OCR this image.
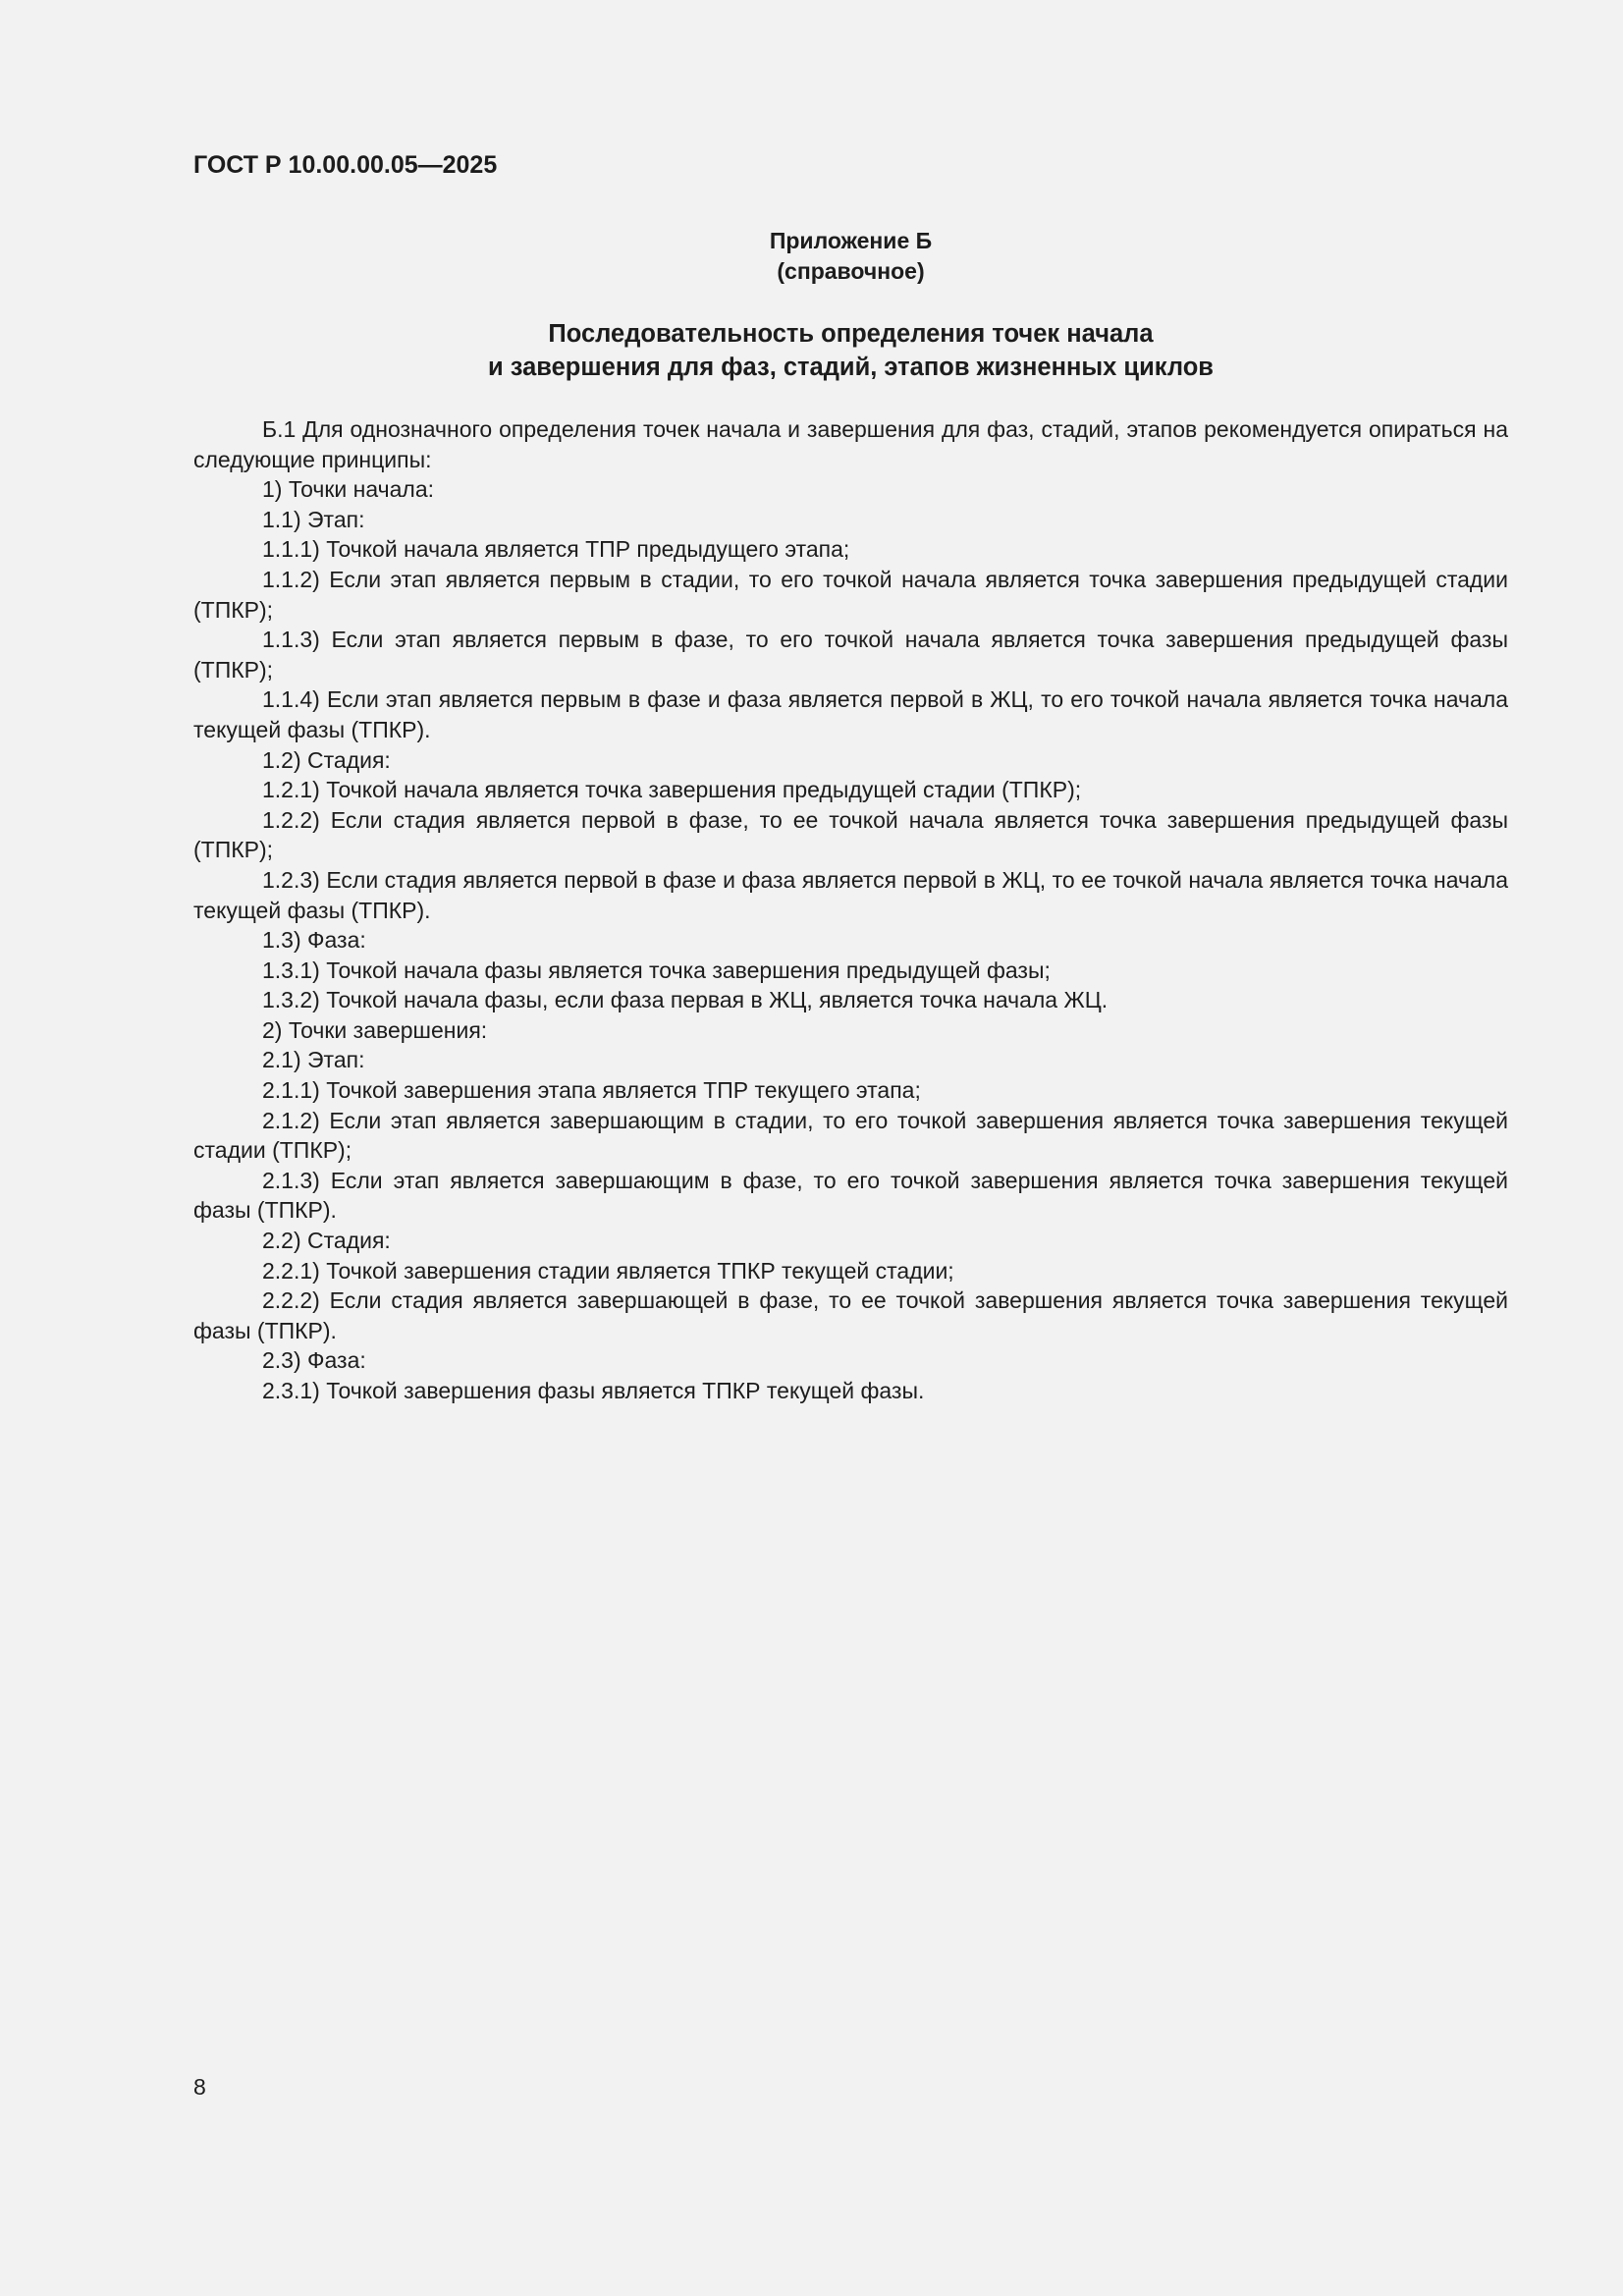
ГОСТ Р 10.00.00.05—2025
Приложение Б
(справочное)
Последовательность определения точек начала
и завершения для фаз, стадий, этапов жизненных циклов

Б.1 Для однозначного определения точек начала и завершения для фаз, стадий, этапов рекомендуется опираться на следующие принципы:

1) Точки начала:

1.1) Этап:

1.1.1) Точкой начала является ТПР предыдущего этапа;

1.1.2) Если этап является первым в стадии, то его точкой начала является точка завершения предыдущей стадии (ТПКР);

1.1.3) Если этап является первым в фазе, то его точкой начала является точка завершения предыдущей фазы (ТПКР);

1.1.4) Если этап является первым в фазе и фаза является первой в ЖЦ, то его точкой начала является точка начала текущей фазы (ТПКР).

1.2) Стадия:

1.2.1) Точкой начала является точка завершения предыдущей стадии (ТПКР);

1.2.2) Если стадия является первой в фазе, то ее точкой начала является точка завершения предыдущей фазы (ТПКР);

1.2.3) Если стадия является первой в фазе и фаза является первой в ЖЦ, то ее точкой начала является точка начала текущей фазы (ТПКР).

1.3) Фаза:

1.3.1) Точкой начала фазы является точка завершения предыдущей фазы;

1.3.2) Точкой начала фазы, если фаза первая в ЖЦ, является точка начала ЖЦ.

2) Точки завершения:

2.1) Этап:

2.1.1) Точкой завершения этапа является ТПР текущего этапа;

2.1.2) Если этап является завершающим в стадии, то его точкой завершения является точка завершения текущей стадии (ТПКР);

2.1.3) Если этап является завершающим в фазе, то его точкой завершения является точка завершения текущей фазы (ТПКР).

2.2) Стадия:

2.2.1) Точкой завершения стадии является ТПКР текущей стадии;

2.2.2) Если стадия является завершающей в фазе, то ее точкой завершения является точка завершения текущей фазы (ТПКР).

2.3) Фаза:

2.3.1) Точкой завершения фазы является ТПКР текущей фазы.

8
